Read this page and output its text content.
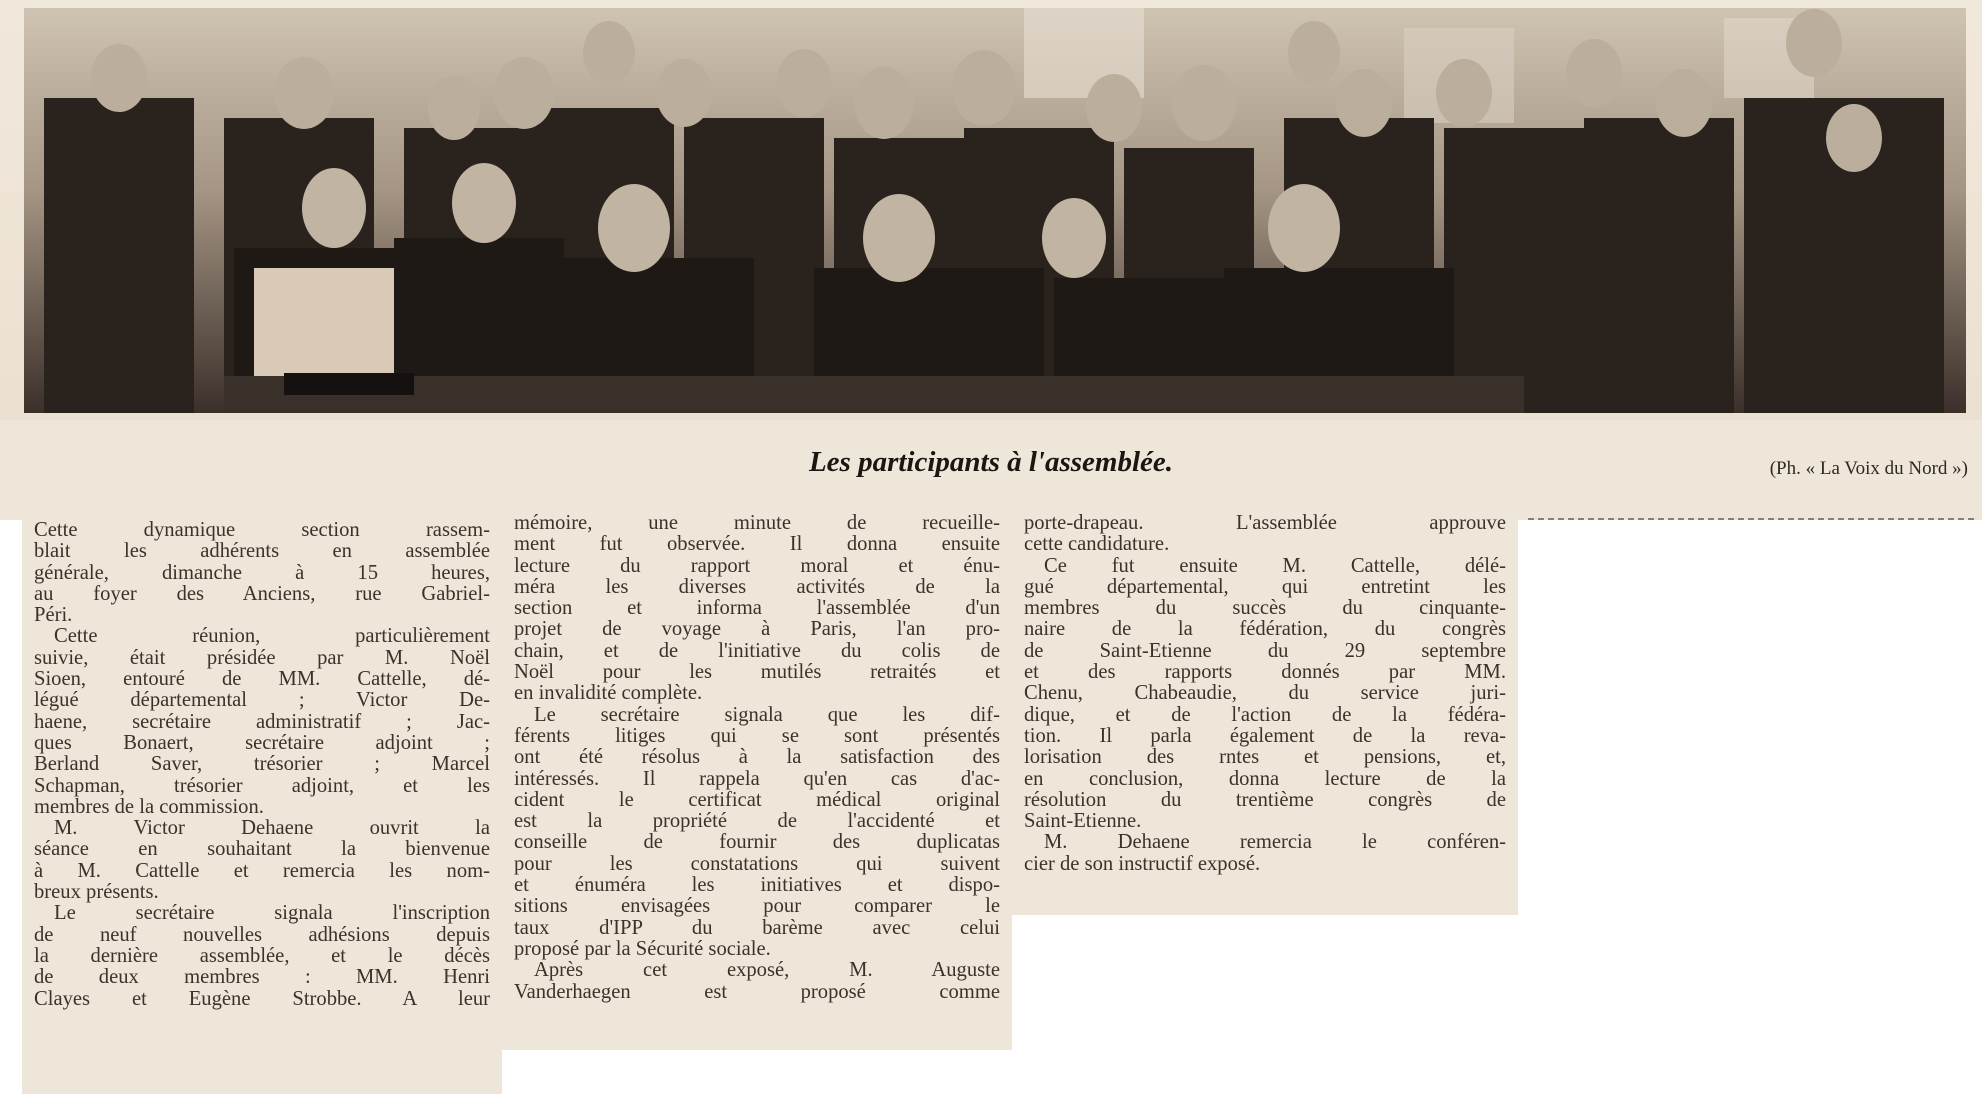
Les participants à l'assemblée.	(Ph. « La Voix du Nord »)

Cette dynamique section rassem-

blait les adhérents en assemblée

générale, dimanche à 15 heures,

au foyer des Anciens, rue Gabriel-

Péri.

Cette réunion, particulièrement

suivie, était présidée par M. Noël

Sioen, entouré de MM. Cattelle, dé-

légué départemental ; Victor De-

haene, secrétaire administratif ; Jac-

ques Bonaert, secrétaire adjoint ;

Berland Saver, trésorier ; Marcel

Schapman, trésorier adjoint, et les

membres de la commission.

M. Victor Dehaene ouvrit la

séance en souhaitant la bienvenue

à M. Cattelle et remercia les nom-

breux présents.

Le secrétaire signala l'inscription

de neuf nouvelles adhésions depuis

la dernière assemblée, et le décès

de deux membres : MM. Henri

Clayes et Eugène Strobbe. A leur

mémoire, une minute de recueille-

ment fut observée. Il donna ensuite

lecture du rapport moral et énu-

méra les diverses activités de la

section et informa l'assemblée d'un

projet de voyage à Paris, l'an pro-

chain, et de l'initiative du colis de

Noël pour les mutilés retraités et

en invalidité complète.

Le secrétaire signala que les dif-

férents litiges qui se sont présentés

ont été résolus à la satisfaction des

intéressés. Il rappela qu'en cas d'ac-

cident le certificat médical original

est la propriété de l'accidenté et

conseille de fournir des duplicatas

pour les constatations qui suivent

et énuméra les initiatives et dispo-

sitions envisagées pour comparer le

taux d'IPP du barème avec celui

proposé par la Sécurité sociale.

Après cet exposé, M. Auguste

Vanderhaegen est proposé comme

porte-drapeau. L'assemblée approuve

cette candidature.

Ce fut ensuite M. Cattelle, délé-

gué départemental, qui entretint les

membres du succès du cinquante-

naire de la fédération, du congrès

de Saint-Etienne du 29 septembre

et des rapports donnés par MM.

Chenu, Chabeaudie, du service juri-

dique, et de l'action de la fédéra-

tion. Il parla également de la reva-

lorisation des rntes et pensions, et,

en conclusion, donna lecture de la

résolution du trentième congrès de

Saint-Etienne.

M. Dehaene remercia le conféren-

cier de son instructif exposé.
